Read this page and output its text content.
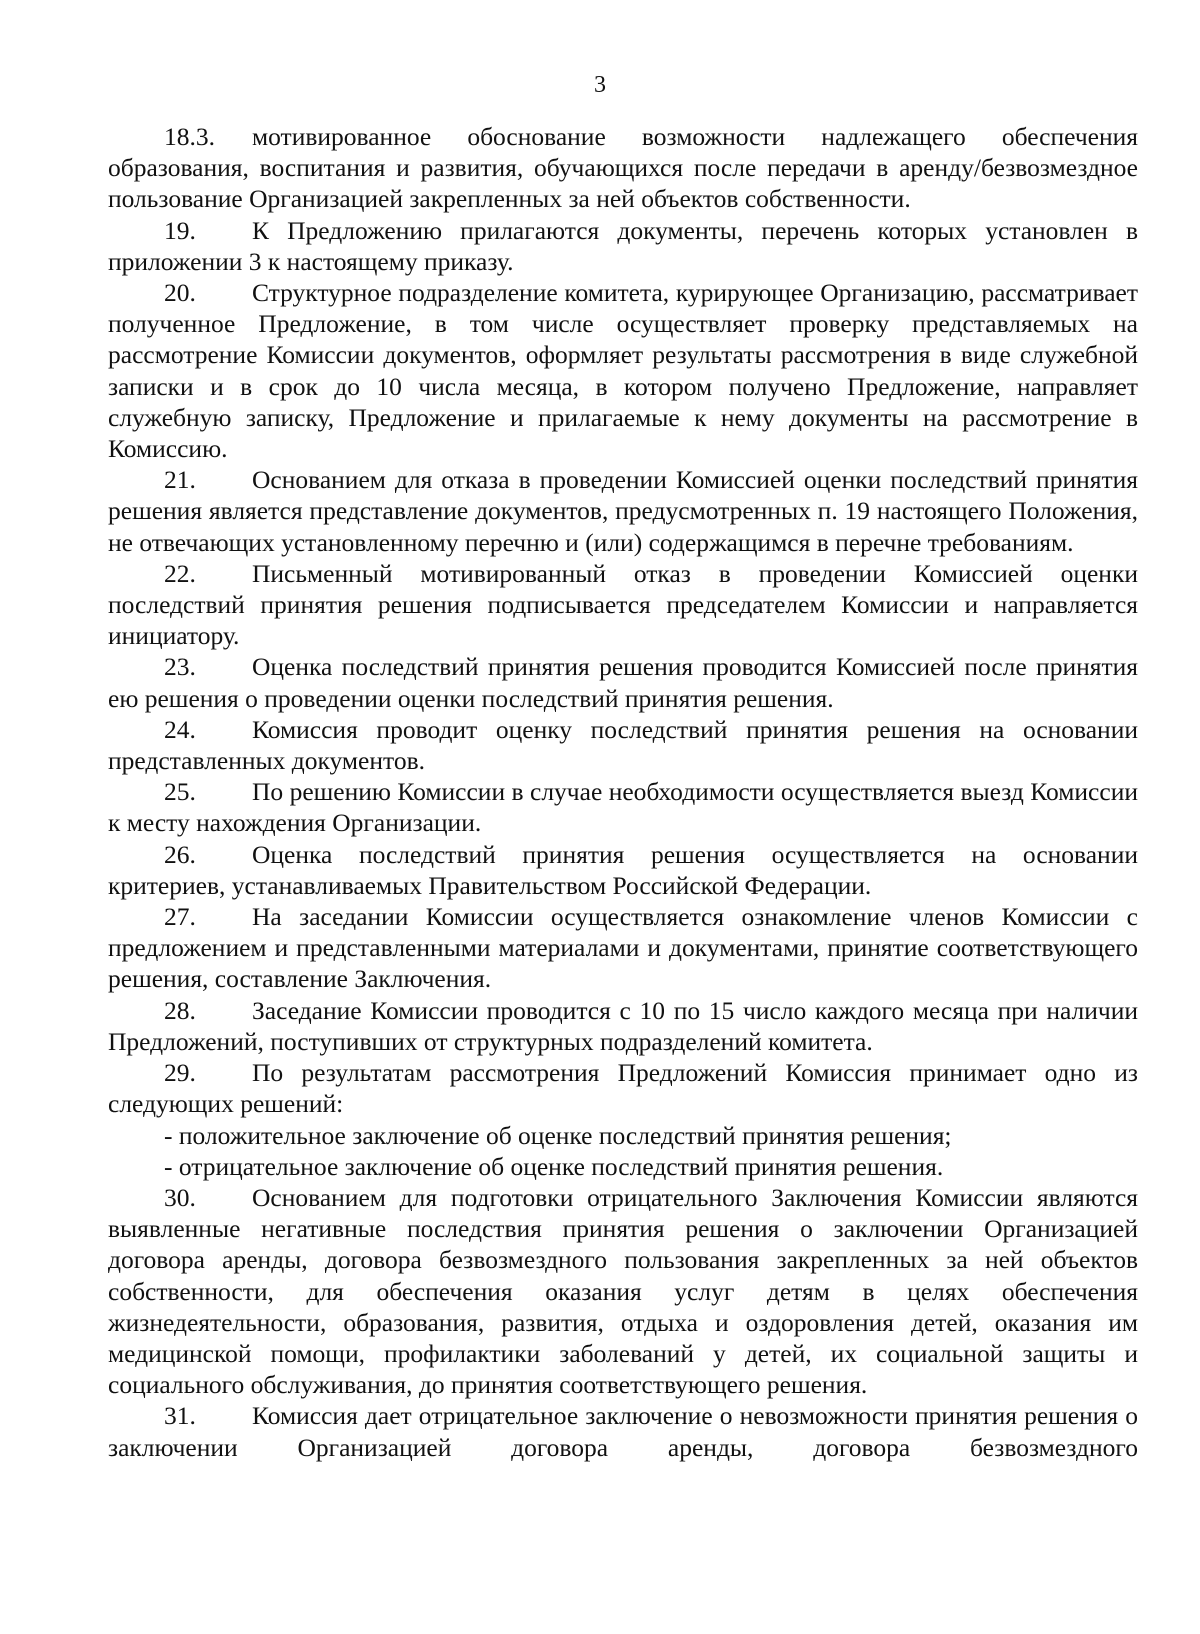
3

18.3. мотивированное обоснование возможности надлежащего обеспечения образования, воспитания и развития, обучающихся после передачи в аренду/безвозмездное пользование Организацией закрепленных за ней объектов собственности.

19. К Предложению прилагаются документы, перечень которых установлен в приложении 3 к настоящему приказу.

20. Структурное подразделение комитета, курирующее Организацию, рассматривает полученное Предложение, в том числе осуществляет проверку представляемых на рассмотрение Комиссии документов, оформляет результаты рассмотрения в виде служебной записки и в срок до 10 числа месяца, в котором получено Предложение, направляет служебную записку, Предложение и прилагаемые к нему документы на рассмотрение в Комиссию.

21. Основанием для отказа в проведении Комиссией оценки последствий принятия решения является представление документов, предусмотренных п. 19 настоящего Положения, не отвечающих установленному перечню и (или) содержащимся в перечне требованиям.

22. Письменный мотивированный отказ в проведении Комиссией оценки последствий принятия решения подписывается председателем Комиссии и направляется инициатору.

23. Оценка последствий принятия решения проводится Комиссией после принятия ею решения о проведении оценки последствий принятия решения.

24. Комиссия проводит оценку последствий принятия решения на основании представленных документов.

25. По решению Комиссии в случае необходимости осуществляется выезд Комиссии к месту нахождения Организации.

26. Оценка последствий принятия решения осуществляется на основании критериев, устанавливаемых Правительством Российской Федерации.

27. На заседании Комиссии осуществляется ознакомление членов Комиссии с предложением и представленными материалами и документами, принятие соответствующего решения, составление Заключения.

28. Заседание Комиссии проводится с 10 по 15 число каждого месяца при наличии Предложений, поступивших от структурных подразделений комитета.

29. По результатам рассмотрения Предложений Комиссия принимает одно из следующих решений:

- положительное заключение об оценке последствий принятия решения;

- отрицательное заключение об оценке последствий принятия решения.

30. Основанием для подготовки отрицательного Заключения Комиссии являются выявленные негативные последствия принятия решения о заключении Организацией договора аренды, договора безвозмездного пользования закрепленных за ней объектов собственности, для обеспечения оказания услуг детям в целях обеспечения жизнедеятельности, образования, развития, отдыха и оздоровления детей, оказания им медицинской помощи, профилактики заболеваний у детей, их социальной защиты и социального обслуживания, до принятия соответствующего решения.

31. Комиссия дает отрицательное заключение о невозможности принятия решения о заключении Организацией договора аренды, договора безвозмездного
